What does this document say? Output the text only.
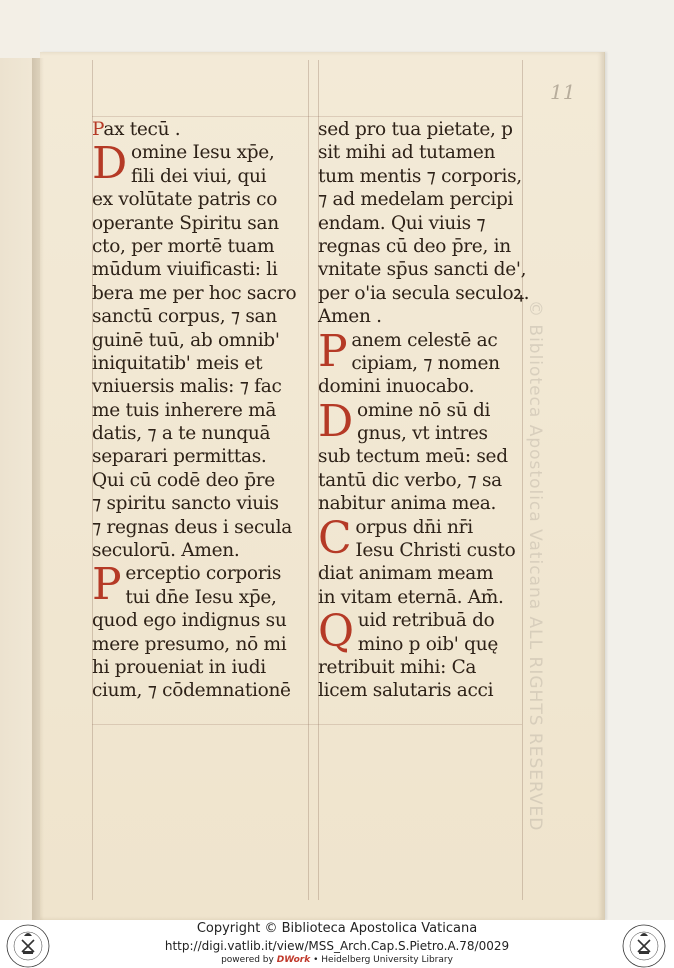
11
© Biblioteca Apostolica Vaticana ALL RIGHTS RESERVED
Pax tecū .
D omine Iesu xp̄e,
fili dei viui, qui
ex volūtate patris co
operante Spiritu san
cto, per mortē tuam
mūdum viuificasti: li
bera me per hoc sacro
sanctū corpus, ⁊ san
guinē tuū, ab omnib'
iniquitatib' meis et
vniuersis malis: ⁊ fac
me tuis inherere mā
datis, ⁊ a te nunquā
separari permittas.
Qui cū codē deo p̄re
⁊ spiritu sancto viuis
⁊ regnas deus i secula
seculorū. Amen.
P erceptio corporis
tui dn̄e Iesu xp̄e,
quod ego indignus su
mere presumo, nō mi
hi proueniat in iudi
cium, ⁊ cōdemnationē
sed pro tua pietate, p
sit mihi ad tutamen
tum mentis ⁊ corporis,
⁊ ad medelam percipi
endam. Qui viuis ⁊
regnas cū deo p̄re, in
vnitate sp̄us sancti de',
per o'ia secula seculoꝝ.
Amen .
P anem celestē ac
cipiam, ⁊ nomen
domini inuocabo.
D omine nō sū di
gnus, vt intres
sub tectum meū: sed
tantū dic verbo, ⁊ sa
nabitur anima mea.
C orpus dn̄i nr̄i
Iesu Christi custo
diat animam meam
in vitam eternā. Am̄.
Q uid retribuā do
mino p oib' quę
retribuit mihi: Ca
licem salutaris acci
Copyright © Biblioteca Apostolica Vaticana
http://digi.vatlib.it/view/MSS_Arch.Cap.S.Pietro.A.78/0029
powered by DWork • Heidelberg University Library
